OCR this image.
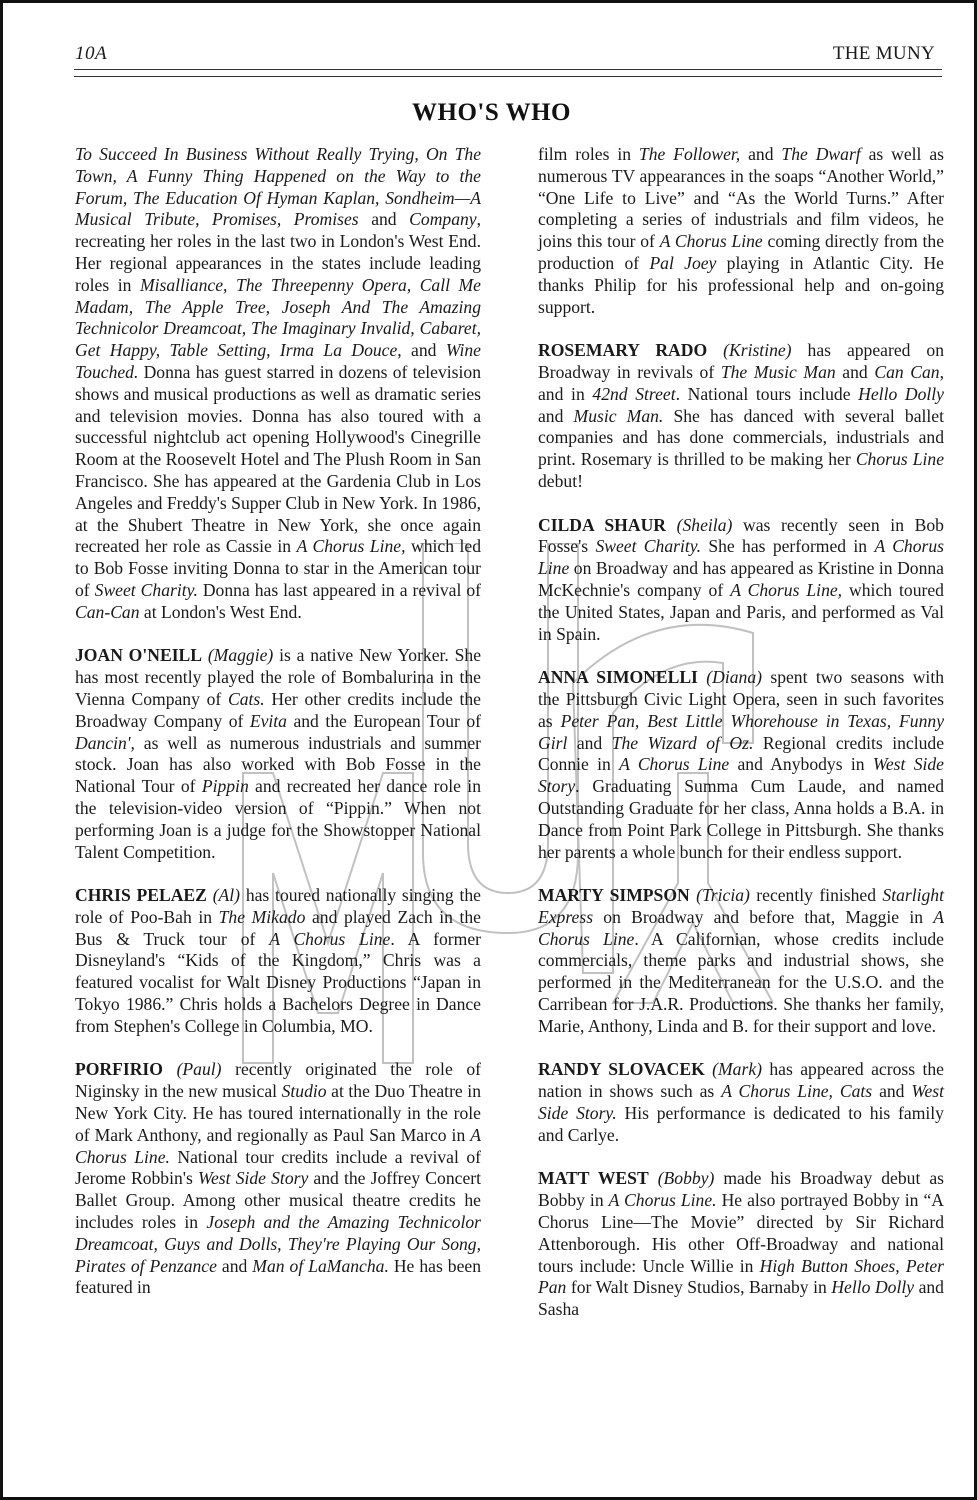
10A	THE MUNY
WHO'S WHO

To Succeed In Business Without Really Trying, On The Town, A Funny Thing Happened on the Way to the Forum, The Education Of Hyman Kaplan, Sondheim—A Musical Tribute, Promises, Promises and Company, recreating her roles in the last two in London's West End. Her regional appearances in the states include leading roles in Misalliance, The Threepenny Opera, Call Me Madam, The Apple Tree, Joseph And The Amazing Technicolor Dreamcoat, The Imaginary Invalid, Cabaret, Get Happy, Table Setting, Irma La Douce, and Wine Touched. Donna has guest starred in dozens of television shows and musical productions as well as dramatic series and television movies. Donna has also toured with a successful nightclub act opening Hollywood's Cinegrille Room at the Roosevelt Hotel and The Plush Room in San Francisco. She has appeared at the Gardenia Club in Los Angeles and Freddy's Supper Club in New York. In 1986, at the Shubert Theatre in New York, she once again recreated her role as Cassie in A Chorus Line, which led to Bob Fosse inviting Donna to star in the American tour of Sweet Charity. Donna has last appeared in a revival of Can-Can at London's West End.

JOAN O'NEILL (Maggie) is a native New Yorker. She has most recently played the role of Bombalurina in the Vienna Company of Cats. Her other credits include the Broadway Company of Evita and the European Tour of Dancin', as well as numerous industrials and summer stock. Joan has also worked with Bob Fosse in the National Tour of Pippin and recreated her dance role in the television-video version of “Pippin.” When not performing Joan is a judge for the Showstopper National Talent Competition.

CHRIS PELAEZ (Al) has toured nationally singing the role of Poo-Bah in The Mikado and played Zach in the Bus & Truck tour of A Chorus Line. A former Disneyland's “Kids of the Kingdom,” Chris was a featured vocalist for Walt Disney Productions “Japan in Tokyo 1986.” Chris holds a Bachelors Degree in Dance from Stephen's College in Columbia, MO.

PORFIRIO (Paul) recently originated the role of Niginsky in the new musical Studio at the Duo Theatre in New York City. He has toured internationally in the role of Mark Anthony, and regionally as Paul San Marco in A Chorus Line. National tour credits include a revival of Jerome Robbin's West Side Story and the Joffrey Concert Ballet Group. Among other musical theatre credits he includes roles in Joseph and the Amazing Technicolor Dreamcoat, Guys and Dolls, They're Playing Our Song, Pirates of Penzance and Man of LaMancha. He has been featured in

film roles in The Follower, and The Dwarf as well as numerous TV appearances in the soaps “Another World,” “One Life to Live” and “As the World Turns.” After completing a series of industrials and film videos, he joins this tour of A Chorus Line coming directly from the production of Pal Joey playing in Atlantic City. He thanks Philip for his professional help and on-going support.

ROSEMARY RADO (Kristine) has appeared on Broadway in revivals of The Music Man and Can Can, and in 42nd Street. National tours include Hello Dolly and Music Man. She has danced with several ballet companies and has done commercials, industrials and print. Rosemary is thrilled to be making her Chorus Line debut!

CILDA SHAUR (Sheila) was recently seen in Bob Fosse's Sweet Charity. She has performed in A Chorus Line on Broadway and has appeared as Kristine in Donna McKechnie's company of A Chorus Line, which toured the United States, Japan and Paris, and performed as Val in Spain.

ANNA SIMONELLI (Diana) spent two seasons with the Pittsburgh Civic Light Opera, seen in such favorites as Peter Pan, Best Little Whorehouse in Texas, Funny Girl and The Wizard of Oz. Regional credits include Connie in A Chorus Line and Anybodys in West Side Story. Graduating Summa Cum Laude, and named Outstanding Graduate for her class, Anna holds a B.A. in Dance from Point Park College in Pittsburgh. She thanks her parents a whole bunch for their endless support.

MARTY SIMPSON (Tricia) recently finished Starlight Express on Broadway and before that, Maggie in A Chorus Line. A Californian, whose credits include commercials, theme parks and industrial shows, she performed in the Mediterranean for the U.S.O. and the Carribean for J.A.R. Productions. She thanks her family, Marie, Anthony, Linda and B. for their support and love.

RANDY SLOVACEK (Mark) has appeared across the nation in shows such as A Chorus Line, Cats and West Side Story. His performance is dedicated to his family and Carlye.

MATT WEST (Bobby) made his Broadway debut as Bobby in A Chorus Line. He also portrayed Bobby in “A Chorus Line—The Movie” directed by Sir Richard Attenborough. His other Off-Broadway and national tours include: Uncle Willie in High Button Shoes, Peter Pan for Walt Disney Studios, Barnaby in Hello Dolly and Sasha
